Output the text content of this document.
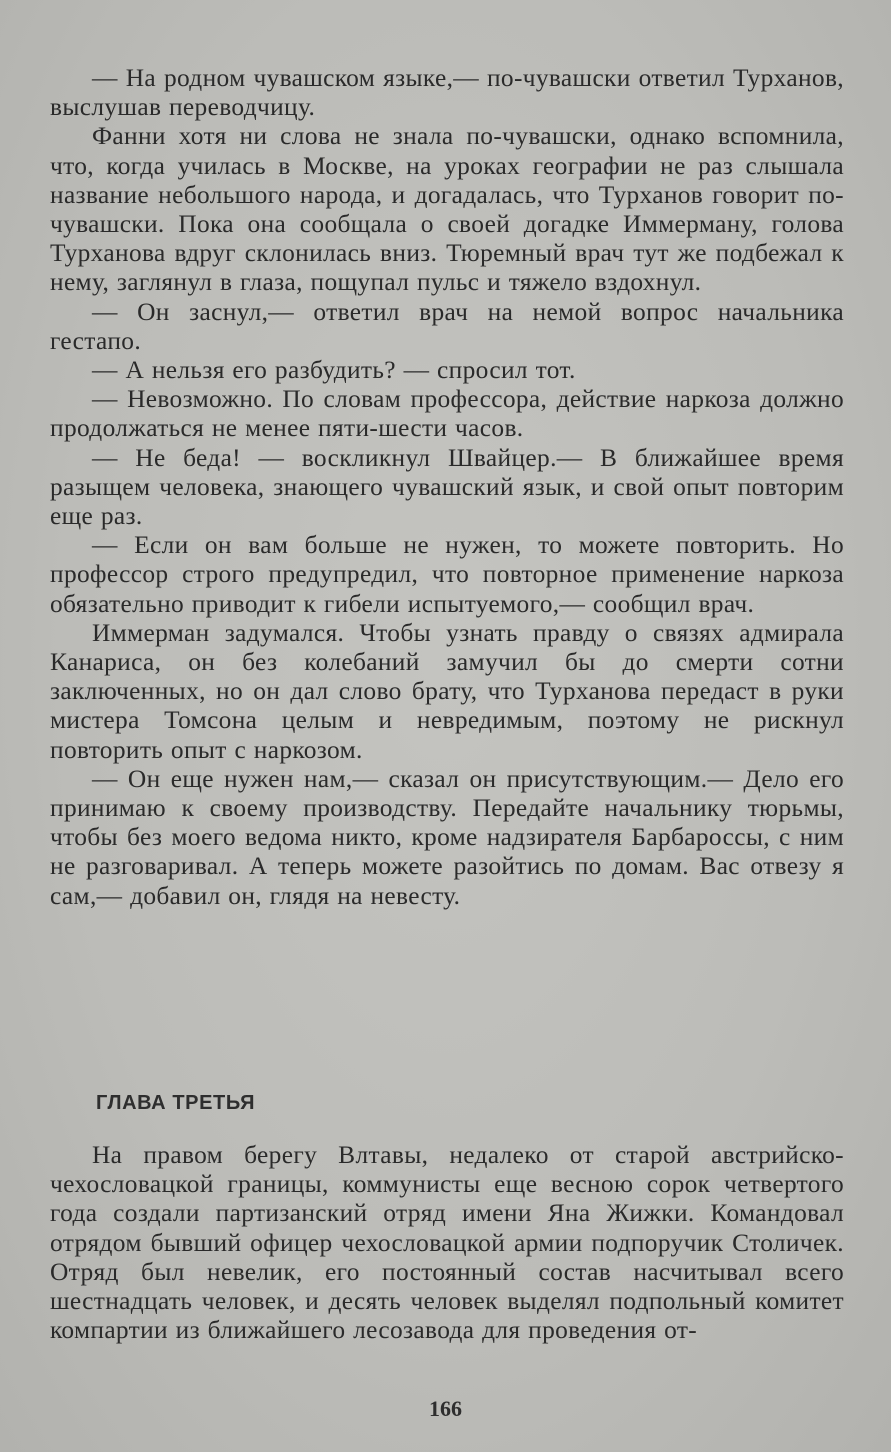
— На родном чувашском языке,— по-чувашски ответил Турханов, выслушав переводчицу.

Фанни хотя ни слова не знала по-чувашски, однако вспомнила, что, когда училась в Москве, на уроках географии не раз слышала название небольшого народа, и догадалась, что Турханов говорит по-чувашски. Пока она сообщала о своей догадке Иммерману, голова Турханова вдруг склонилась вниз. Тюремный врач тут же подбежал к нему, заглянул в глаза, пощупал пульс и тяжело вздохнул.

— Он заснул,— ответил врач на немой вопрос начальника гестапо.

— А нельзя его разбудить? — спросил тот.

— Невозможно. По словам профессора, действие наркоза должно продолжаться не менее пяти-шести часов.

— Не беда! — воскликнул Швайцер.— В ближайшее время разыщем человека, знающего чувашский язык, и свой опыт повторим еще раз.

— Если он вам больше не нужен, то можете повторить. Но профессор строго предупредил, что повторное применение наркоза обязательно приводит к гибели испытуемого,— сообщил врач.

Иммерман задумался. Чтобы узнать правду о связях адмирала Канариса, он без колебаний замучил бы до смерти сотни заключенных, но он дал слово брату, что Турханова передаст в руки мистера Томсона целым и невредимым, поэтому не рискнул повторить опыт с наркозом.

— Он еще нужен нам,— сказал он присутствующим.— Дело его принимаю к своему производству. Передайте начальнику тюрьмы, чтобы без моего ведома никто, кроме надзирателя Барбароссы, с ним не разговаривал. А теперь можете разойтись по домам. Вас отвезу я сам,— добавил он, глядя на невесту.

ГЛАВА ТРЕТЬЯ

На правом берегу Влтавы, недалеко от старой австрийско-чехословацкой границы, коммунисты еще весною сорок четвертого года создали партизанский отряд имени Яна Жижки. Командовал отрядом бывший офицер чехословацкой армии подпоручик Столичек. Отряд был невелик, его постоянный состав насчитывал всего шестнадцать человек, и десять человек выделял подпольный комитет компартии из ближайшего лесозавода для проведения от-

166
